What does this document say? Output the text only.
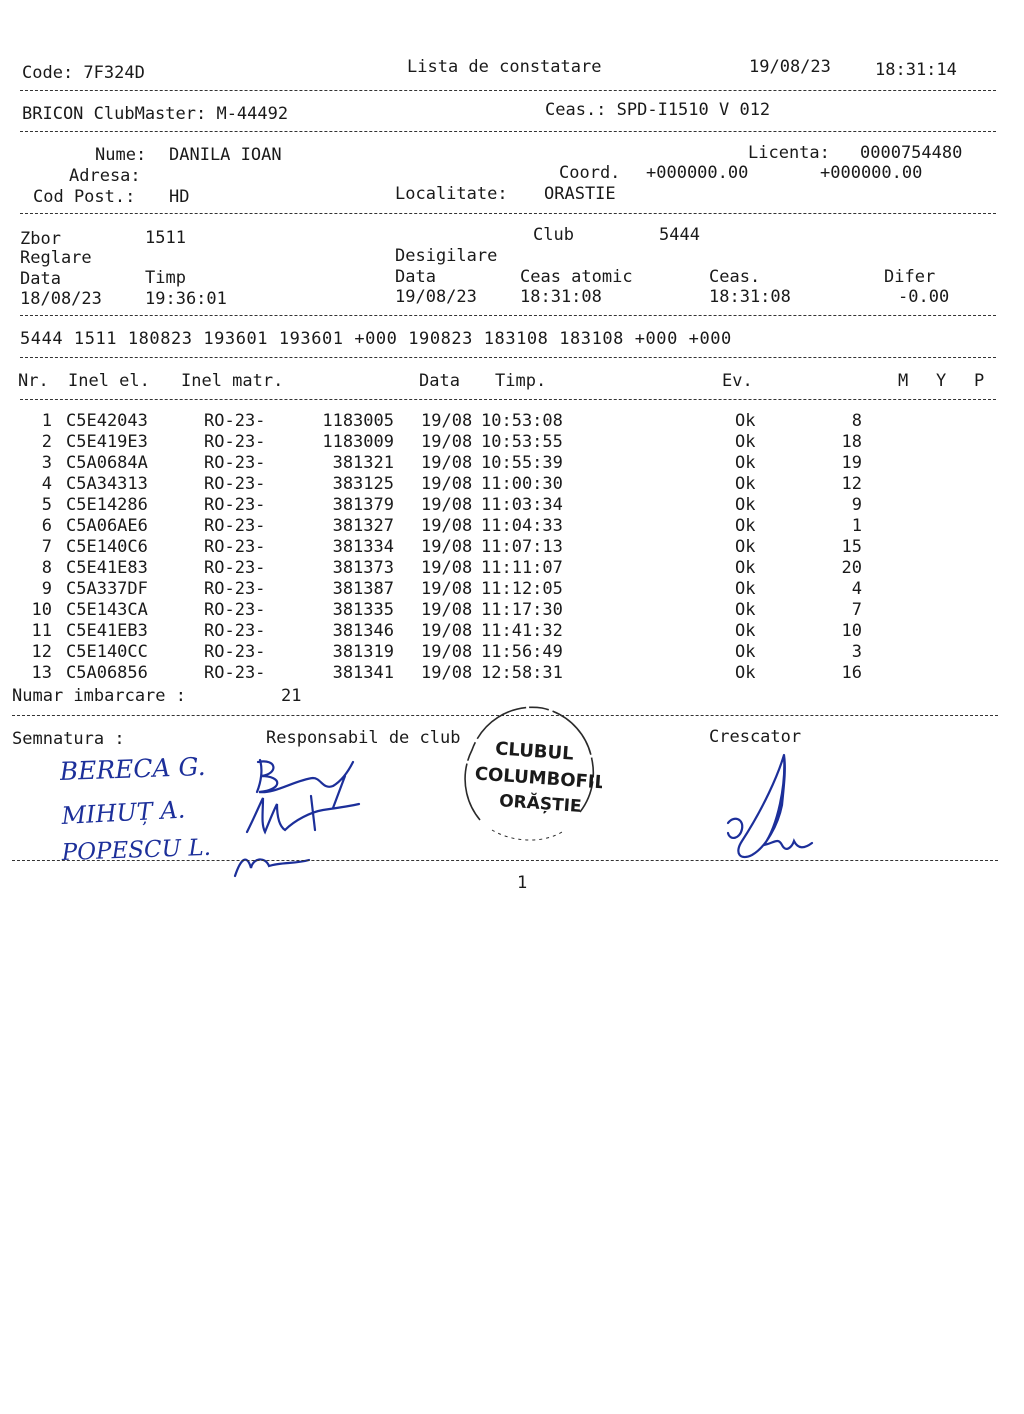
Code: 7F324D	Lista de constatare	19/08/23	18:31:14
BRICON ClubMaster: M-44492	Ceas.: SPD-I1510 V 012
Nume: DANILA IOAN	Licenta: 0000754480
Adresa:	Coord. +000000.00	+000000.00
Cod Post.: HD	Localitate: ORASTIE
Zbor	1511	Club	5444
Reglare	Desigilare
Data	Timp	Data	Ceas atomic	Ceas.	Difer
18/08/23	19:36:01	19/08/23	18:31:08	18:31:08	-0.00
5444 1511 180823 193601 193601 +000 190823 183108 183108 +000 +000
Nr. Inel el. Inel matr.	Data Timp.	Ev.	M Y P
1 C5E42043	RO-23-	1183005 19/08 10:53:08	Ok	8
2 C5E419E3	RO-23-	1183009 19/08 10:53:55	Ok	18
3 C5A0684A	RO-23-	381321 19/08 10:55:39	Ok	19
4 C5A34313	RO-23-	383125 19/08 11:00:30	Ok	12
5 C5E14286	RO-23-	381379 19/08 11:03:34	Ok	9
6 C5A06AE6	RO-23-	381327 19/08 11:04:33	Ok	1
7 C5E140C6	RO-23-	381334 19/08 11:07:13	Ok	15
8 C5E41E83	RO-23-	381373 19/08 11:11:07	Ok	20
9 C5A337DF	RO-23-	381387 19/08 11:12:05	Ok	4
10 C5E143CA	RO-23-	381335 19/08 11:17:30	Ok	7
11 C5E41EB3	RO-23-	381346 19/08 11:41:32	Ok	10
12 C5E140CC	RO-23-	381319 19/08 11:56:49	Ok	3
13 C5A06856	RO-23-	381341 19/08 12:58:31	Ok	16
Numar imbarcare :	21
Semnatura :	Responsabil de club	Crescator
BERECA G.
MIHUȚ A.
POPESCU L.
CLUBUL
COLUMBOFIL
ORĂȘTIE
1
